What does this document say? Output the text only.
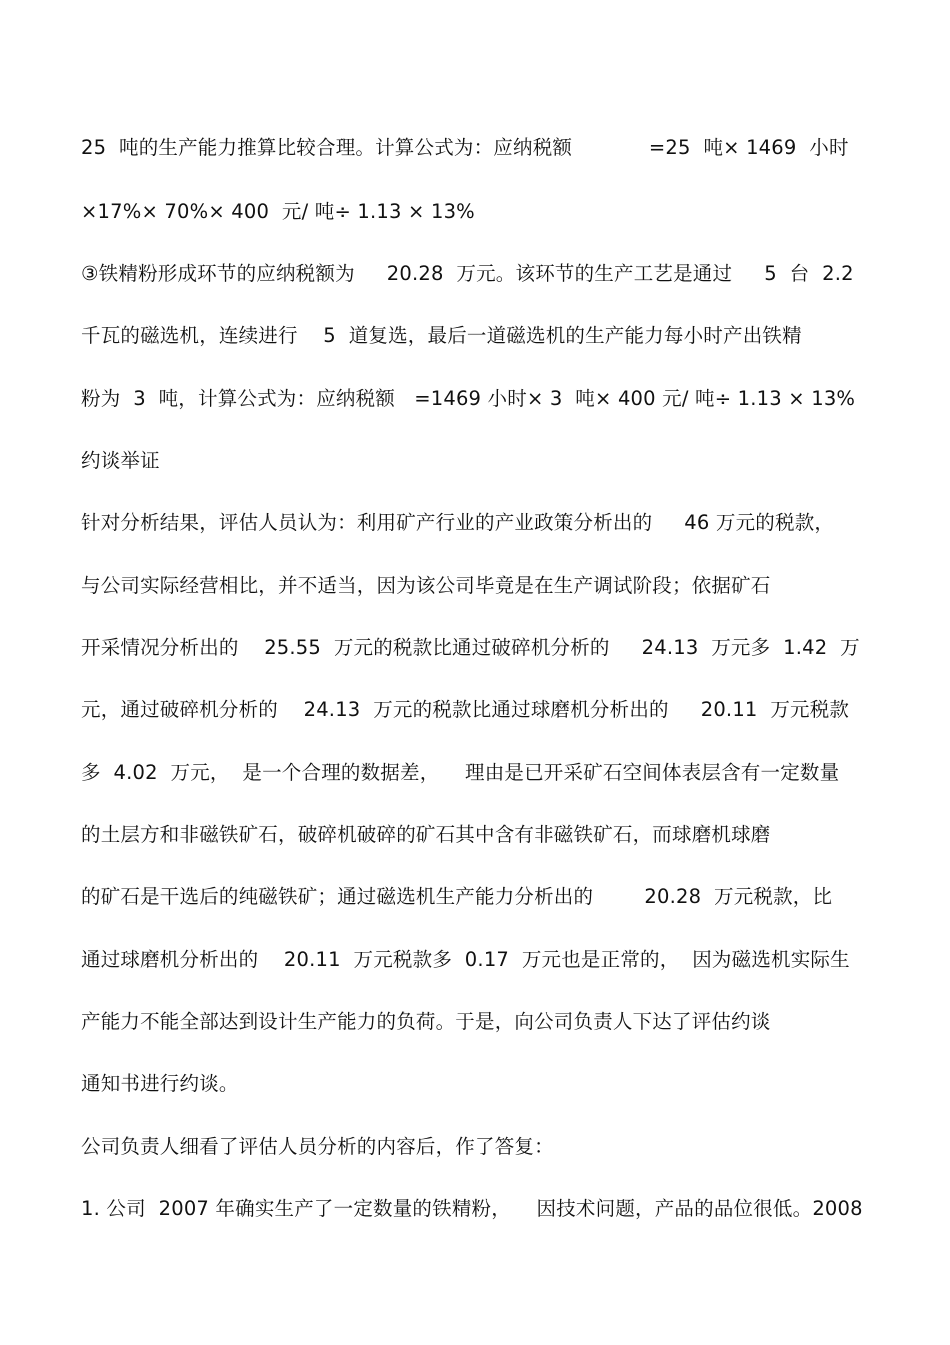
25  吨的生产能力推算比较合理。计算公式为：应纳税额            =25  吨× 1469  小时
×17%× 70%× 400  元/ 吨÷ 1.13 × 13%
③铁精粉形成环节的应纳税额为     20.28  万元。该环节的生产工艺是通过     5  台  2.2
千瓦的磁选机，连续进行    5  道复选，最后一道磁选机的生产能力每小时产出铁精
粉为  3  吨，计算公式为：应纳税额   =1469 小时× 3  吨× 400 元/ 吨÷ 1.13 × 13%
约谈举证
针对分析结果，评估人员认为：利用矿产行业的产业政策分析出的     46 万元的税款，
与公司实际经营相比，并不适当，因为该公司毕竟是在生产调试阶段；依据矿石
开采情况分析出的    25.55  万元的税款比通过破碎机分析的     24.13  万元多  1.42  万
元，通过破碎机分析的    24.13  万元的税款比通过球磨机分析出的     20.11  万元税款
多  4.02  万元，  是一个合理的数据差，    理由是已开采矿石空间体表层含有一定数量
的土层方和非磁铁矿石，破碎机破碎的矿石其中含有非磁铁矿石，而球磨机球磨
的矿石是干选后的纯磁铁矿；通过磁选机生产能力分析出的        20.28  万元税款，比
通过球磨机分析出的    20.11  万元税款多  0.17  万元也是正常的，  因为磁选机实际生
产能力不能全部达到设计生产能力的负荷。于是，向公司负责人下达了评估约谈
通知书进行约谈。
公司负责人细看了评估人员分析的内容后，作了答复：
1. 公司  2007 年确实生产了一定数量的铁精粉，    因技术问题，产品的品位很低。2008
